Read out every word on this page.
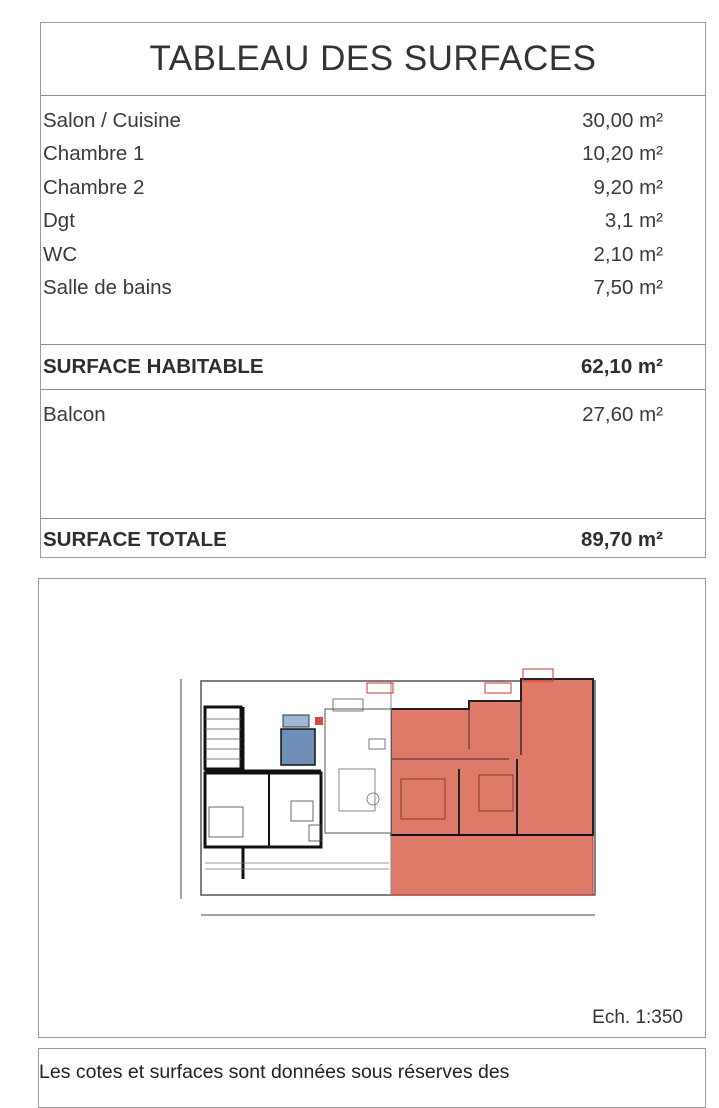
TABLEAU DES SURFACES
Salon / Cuisine	30,00 m²
Chambre 1	10,20 m²
Chambre 2	9,20 m²
Dgt	3,1 m²
WC	2,10 m²
Salle de bains	7,50 m²
SURFACE HABITABLE	62,10 m²
Balcon	27,60 m²
SURFACE TOTALE	89,70 m²
Ech. 1:350
Les cotes et surfaces sont données sous réserves des
